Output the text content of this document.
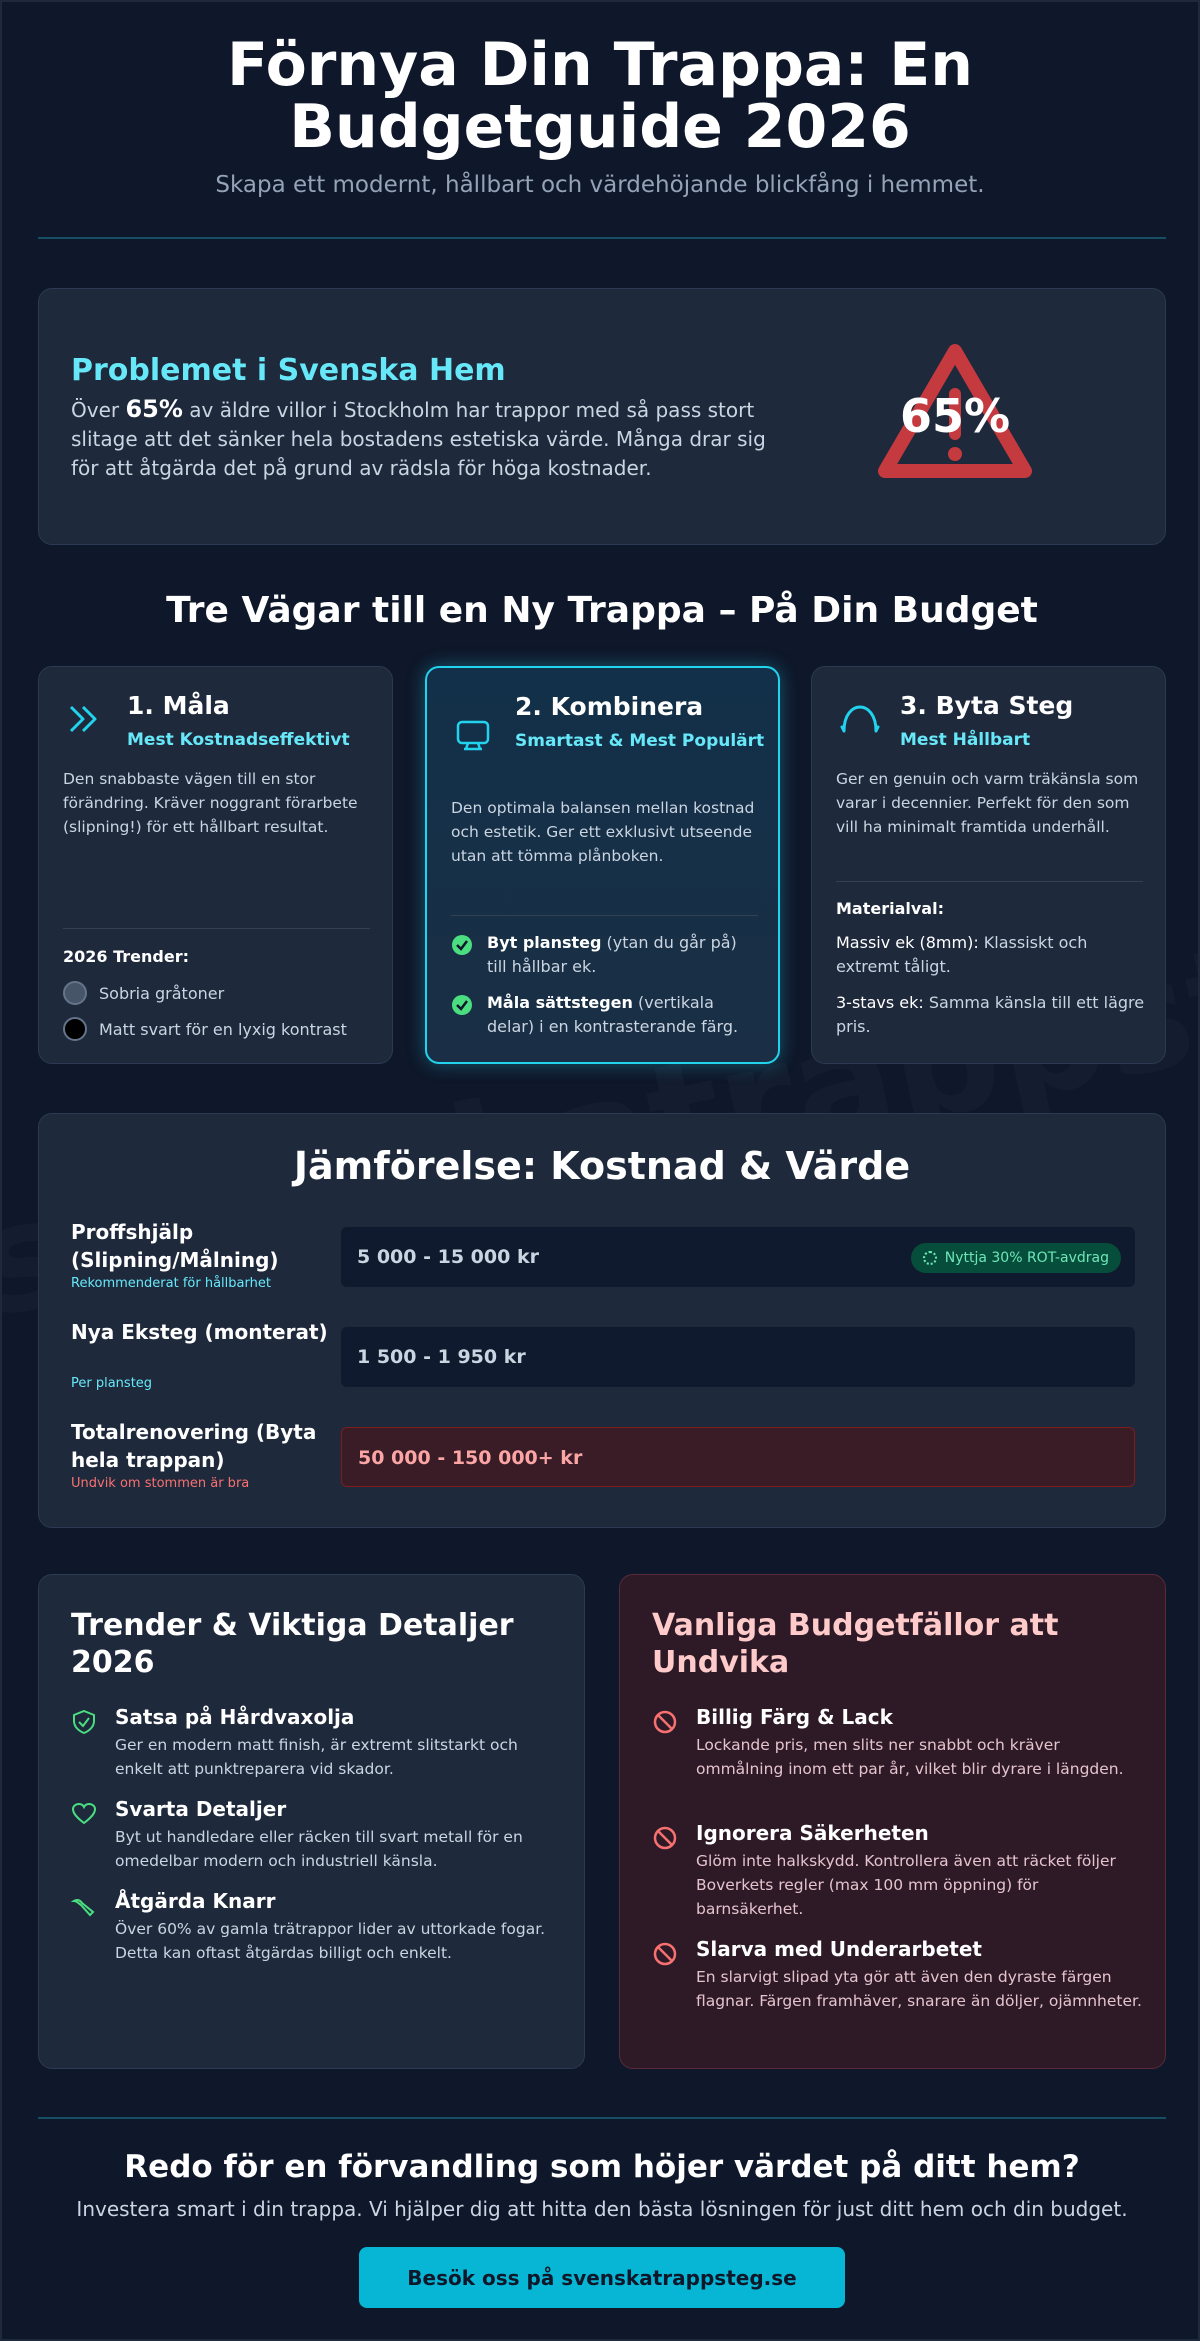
Förnya Din Trappa: En Budgetguide 2026
Skapa ett modernt, hållbart och värdehöjande blickfång i hemmet.
Problemet i Svenska Hem

Över 65% av äldre villor i Stockholm har trappor med så pass stort slitage att det sänker hela bostadens estetiska värde. Många drar sig för att åtgärda det på grund av rädsla för höga kostnader.

65%
Tre Vägar till en Ny Trappa – På Din Budget
1. Måla
Mest Kostnadseffektivt
Den snabbaste vägen till en stor förändring. Kräver noggrant förarbete (slipning!) för ett hållbart resultat.
2026 Trender:
Sobria gråtoner
Matt svart för en lyxig kontrast
2. Kombinera
Smartast & Mest Populärt
Den optimala balansen mellan kostnad och estetik. Ger ett exklusivt utseende utan att tömma plånboken.
Byt plansteg (ytan du går på) till hållbar ek.
Måla sättstegen (vertikala delar) i en kontrasterande färg.
3. Byta Steg
Mest Hållbart
Ger en genuin och varm träkänsla som varar i decennier. Perfekt för den som vill ha minimalt framtida underhåll.
Materialval:
Massiv ek (8mm): Klassiskt och extremt tåligt.
3-stavs ek: Samma känsla till ett lägre pris.
Jämförelse: Kostnad & Värde
Proffshjälp (Slipning/Målning)
Rekommenderat för hållbarhet
5 000 - 15 000 kr	Nyttja 30% ROT-avdrag
Nya Eksteg (monterat)
Per plansteg
1 500 - 1 950 kr
Totalrenovering (Byta hela trappan)
Undvik om stommen är bra
50 000 - 150 000+ kr
Trender & Viktiga Detaljer 2026
Satsa på Hårdvaxolja

Ger en modern matt finish, är extremt slitstarkt och enkelt att punktreparera vid skador.

Svarta Detaljer

Byt ut handledare eller räcken till svart metall för en omedelbar modern och industriell känsla.

Åtgärda Knarr

Över 60% av gamla trätrappor lider av uttorkade fogar. Detta kan oftast åtgärdas billigt och enkelt.

Vanliga Budgetfällor att Undvika
Billig Färg & Lack

Lockande pris, men slits ner snabbt och kräver ommålning inom ett par år, vilket blir dyrare i längden.

Ignorera Säkerheten

Glöm inte halkskydd. Kontrollera även att räcket följer Boverkets regler (max 100 mm öppning) för barnsäkerhet.

Slarva med Underarbetet

En slarvigt slipad yta gör att även den dyraste färgen flagnar. Färgen framhäver, snarare än döljer, ojämnheter.

Redo för en förvandling som höjer värdet på ditt hem?
Investera smart i din trappa. Vi hjälper dig att hitta den bästa lösningen för just ditt hem och din budget.
Besök oss på svenskatrappsteg.se
